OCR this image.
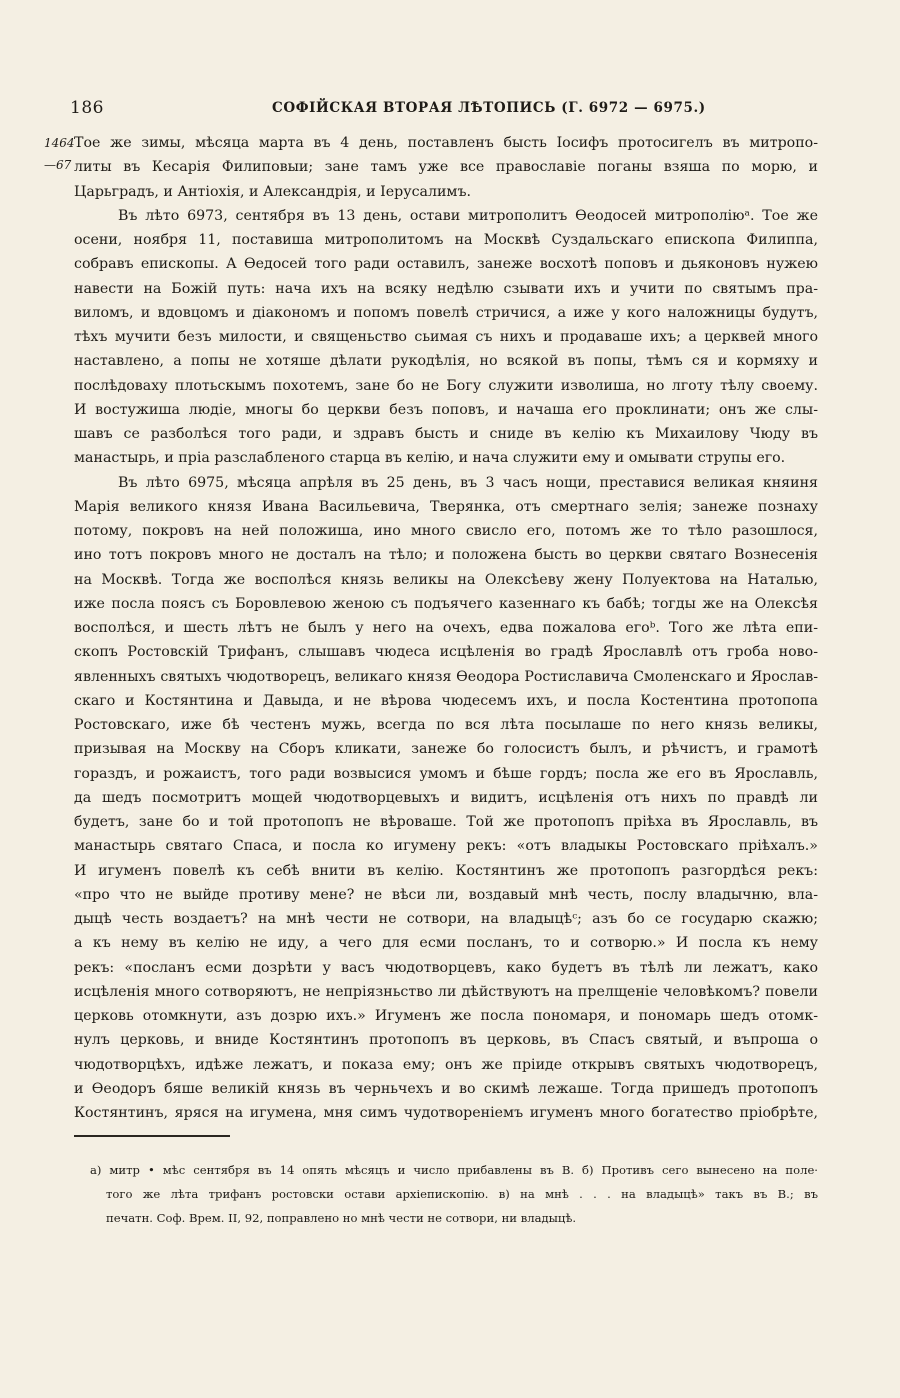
186	СОФІЙСКАЯ ВТОРАЯ ЛѢТОПИСЬ (Г. 6972 — 6975.)
1464
—67
Тое же зимы, мѣсяца марта въ 4 день, поставленъ бысть Іосифъ протосигелъ въ митропо-
литы въ Кесарія Филиповыи; зане тамъ уже все православіе поганы взяша по морю, и
Царьградъ, и Антіохія, и Александрія, и Іерусалимъ.
Въ лѣто 6973, сентября въ 13 день, остави митрополитъ Ѳеодосей митрополіюᵃ. Тое же
осени, ноября 11, поставиша митрополитомъ на Москвѣ Суздальскаго епископа Филиппа,
собравъ епископы. А Ѳедосей того ради оставилъ, занеже восхотѣ поповъ и дьяконовъ нужею
навести на Божій путь: нача ихъ на всяку недѣлю сзывати ихъ и учити по святымъ пра-
виломъ, и вдовцомъ и діакономъ и попомъ повелѣ стричися, а иже у кого наложницы будутъ,
тѣхъ мучити безъ милости, и священьство сьимая съ нихъ и продаваше ихъ; а церквей много
наставлено, а попы не хотяше дѣлати рукодѣлія, но всякой въ попы, тѣмъ ся и кормяху и
послѣдоваху плотьскымъ похотемъ, зане бо не Богу служити изволиша, но лготу тѣлу своему.
И востужиша людіе, многы бо церкви безъ поповъ, и начаша его проклинати; онъ же слы-
шавъ се разболѣся того ради, и здравъ бысть и сниде въ келію къ Михаилову Чюду въ
манастырь, и пріа разслабленого старца въ келію, и нача служити ему и омывати струпы его.
Въ лѣто 6975, мѣсяца апрѣля въ 25 день, въ 3 часъ нощи, преставися великая княиня
Марія великого князя Ивана Васильевича, Тверянка, отъ смертнаго зелія; занеже познаху
потому, покровъ на ней положиша, ино много свисло его, потомъ же то тѣло разошлося,
ино тотъ покровъ много не досталъ на тѣло; и положена бысть во церкви святаго Вознесенія
на Москвѣ. Тогда же восполѣся князь великы на Олексѣеву жену Полуектова на Наталью,
иже посла поясъ съ Боровлевою женою съ подъячего казеннаго къ бабѣ; тогды же на Олексѣя
восполѣся, и шесть лѣтъ не былъ у него на очехъ, едва пожалова егоᵇ. Того же лѣта епи-
скопъ Ростовскій Трифанъ, слышавъ чюдеса исцѣленія во градѣ Ярославлѣ отъ гроба ново-
явленныхъ святыхъ чюдотворецъ, великаго князя Ѳеодора Ростиславича Смоленскаго и Ярослав-
скаго и Костянтина и Давыда, и не вѣрова чюдесемъ ихъ, и посла Костентина протопопа
Ростовскаго, иже бѣ честенъ мужь, всегда по вся лѣта посылаше по него князь великы,
призывая на Москву на Сборъ кликати, занеже бо голосистъ былъ, и рѣчистъ, и грамотѣ
гораздъ, и рожаистъ, того ради возвысися умомъ и бѣше гордъ; посла же его въ Ярославль,
да шедъ посмотритъ мощей чюдотворцевыхъ и видитъ, исцѣленія отъ нихъ по правдѣ ли
будетъ, зане бо и той протопопъ не вѣроваше. Той же протопопъ пріѣха въ Ярославль, въ
манастырь святаго Спаса, и посла ко игумену рекъ: «отъ владыкы Ростовскаго пріѣхалъ.»
И игуменъ повелѣ къ себѣ внити въ келію. Костянтинъ же протопопъ разгордѣся рекъ:
«про что не выйде противу мене? не вѣси ли, воздавый мнѣ честь, послу владычню, вла-
дыцѣ честь воздаетъ? на мнѣ чести не сотвори, на владыцѣᶜ; азъ бо се государю скажю;
а къ нему въ келію не иду, а чего для есми посланъ, то и сотворю.» И посла къ нему
рекъ: «посланъ есми дозрѣти у васъ чюдотворцевъ, како будетъ въ тѣлѣ ли лежатъ, како
исцѣленія много сотворяютъ, не непріязньство ли дѣйствуютъ на прелщеніе человѣкомъ? повели
церковь отомкнути, азъ дозрю ихъ.» Игуменъ же посла пономаря, и пономарь шедъ отомк-
нулъ церковь, и вниде Костянтинъ протопопъ въ церковь, въ Спасъ святый, и въпроша о
чюдотворцѣхъ, идѣже лежатъ, и показа ему; онъ же пріиде открывъ святыхъ чюдотворецъ,
и Ѳеодоръ бяше великій князь въ черньчехъ и во скимѣ лежаше. Тогда пришедъ протопопъ
Костянтинъ, яряся на игумена, мня симъ чудотвореніемъ игуменъ много богатество пріобрѣте,
а) митр • мѣс сентября въ 14 опять мѣсяцъ и число прибавлены въ В. б) Противъ сего вынесено на поле·
того же лѣта трифанъ ростовски остави архіепископію. в) на мнѣ . . . на владыцѣ» такъ въ В.; въ
печатн. Соф. Врем. II, 92, поправлено но мнѣ чести не сотвори, ни владыцѣ.
